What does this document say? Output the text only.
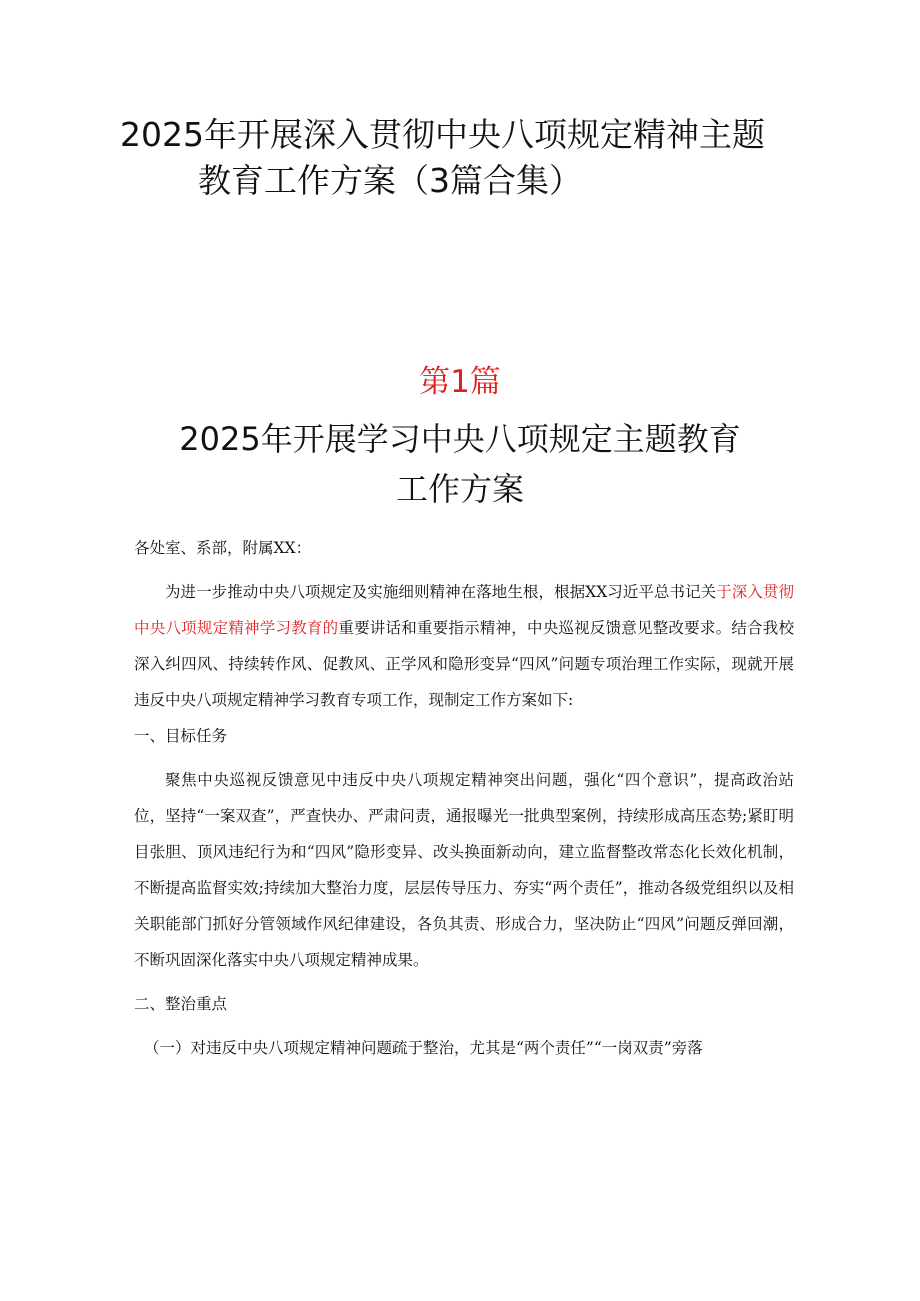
2025年开展深入贯彻中央八项规定精神主题
教育工作方案（3篇合集）
第1篇
2025年开展学习中央八项规定主题教育
工作方案

各处室、系部，附属XX：

为进一步推动中央八项规定及实施细则精神在落地生根，根据XX习近平总书记关于深入贯彻中央八项规定精神学习教育的重要讲话和重要指示精神，中央巡视反馈意见整改要求。结合我校深入纠四风、持续转作风、促教风、正学风和隐形变异“四风”问题专项治理工作实际，现就开展违反中央八项规定精神学习教育专项工作，现制定工作方案如下:

一、目标任务

聚焦中央巡视反馈意见中违反中央八项规定精神突出问题，强化“四个意识”，提高政治站位，坚持“一案双查”，严查快办、严肃问责，通报曝光一批典型案例，持续形成高压态势;紧盯明目张胆、顶风违纪行为和“四风”隐形变异、改头换面新动向，建立监督整改常态化长效化机制，不断提高监督实效;持续加大整治力度，层层传导压力、夯实“两个责任”，推动各级党组织以及相关职能部门抓好分管领域作风纪律建设，各负其责、形成合力，坚决防止“四风”问题反弹回潮，不断巩固深化落实中央八项规定精神成果。

二、整治重点

（一）对违反中央八项规定精神问题疏于整治，尤其是“两个责任”“一岗双责”旁落
